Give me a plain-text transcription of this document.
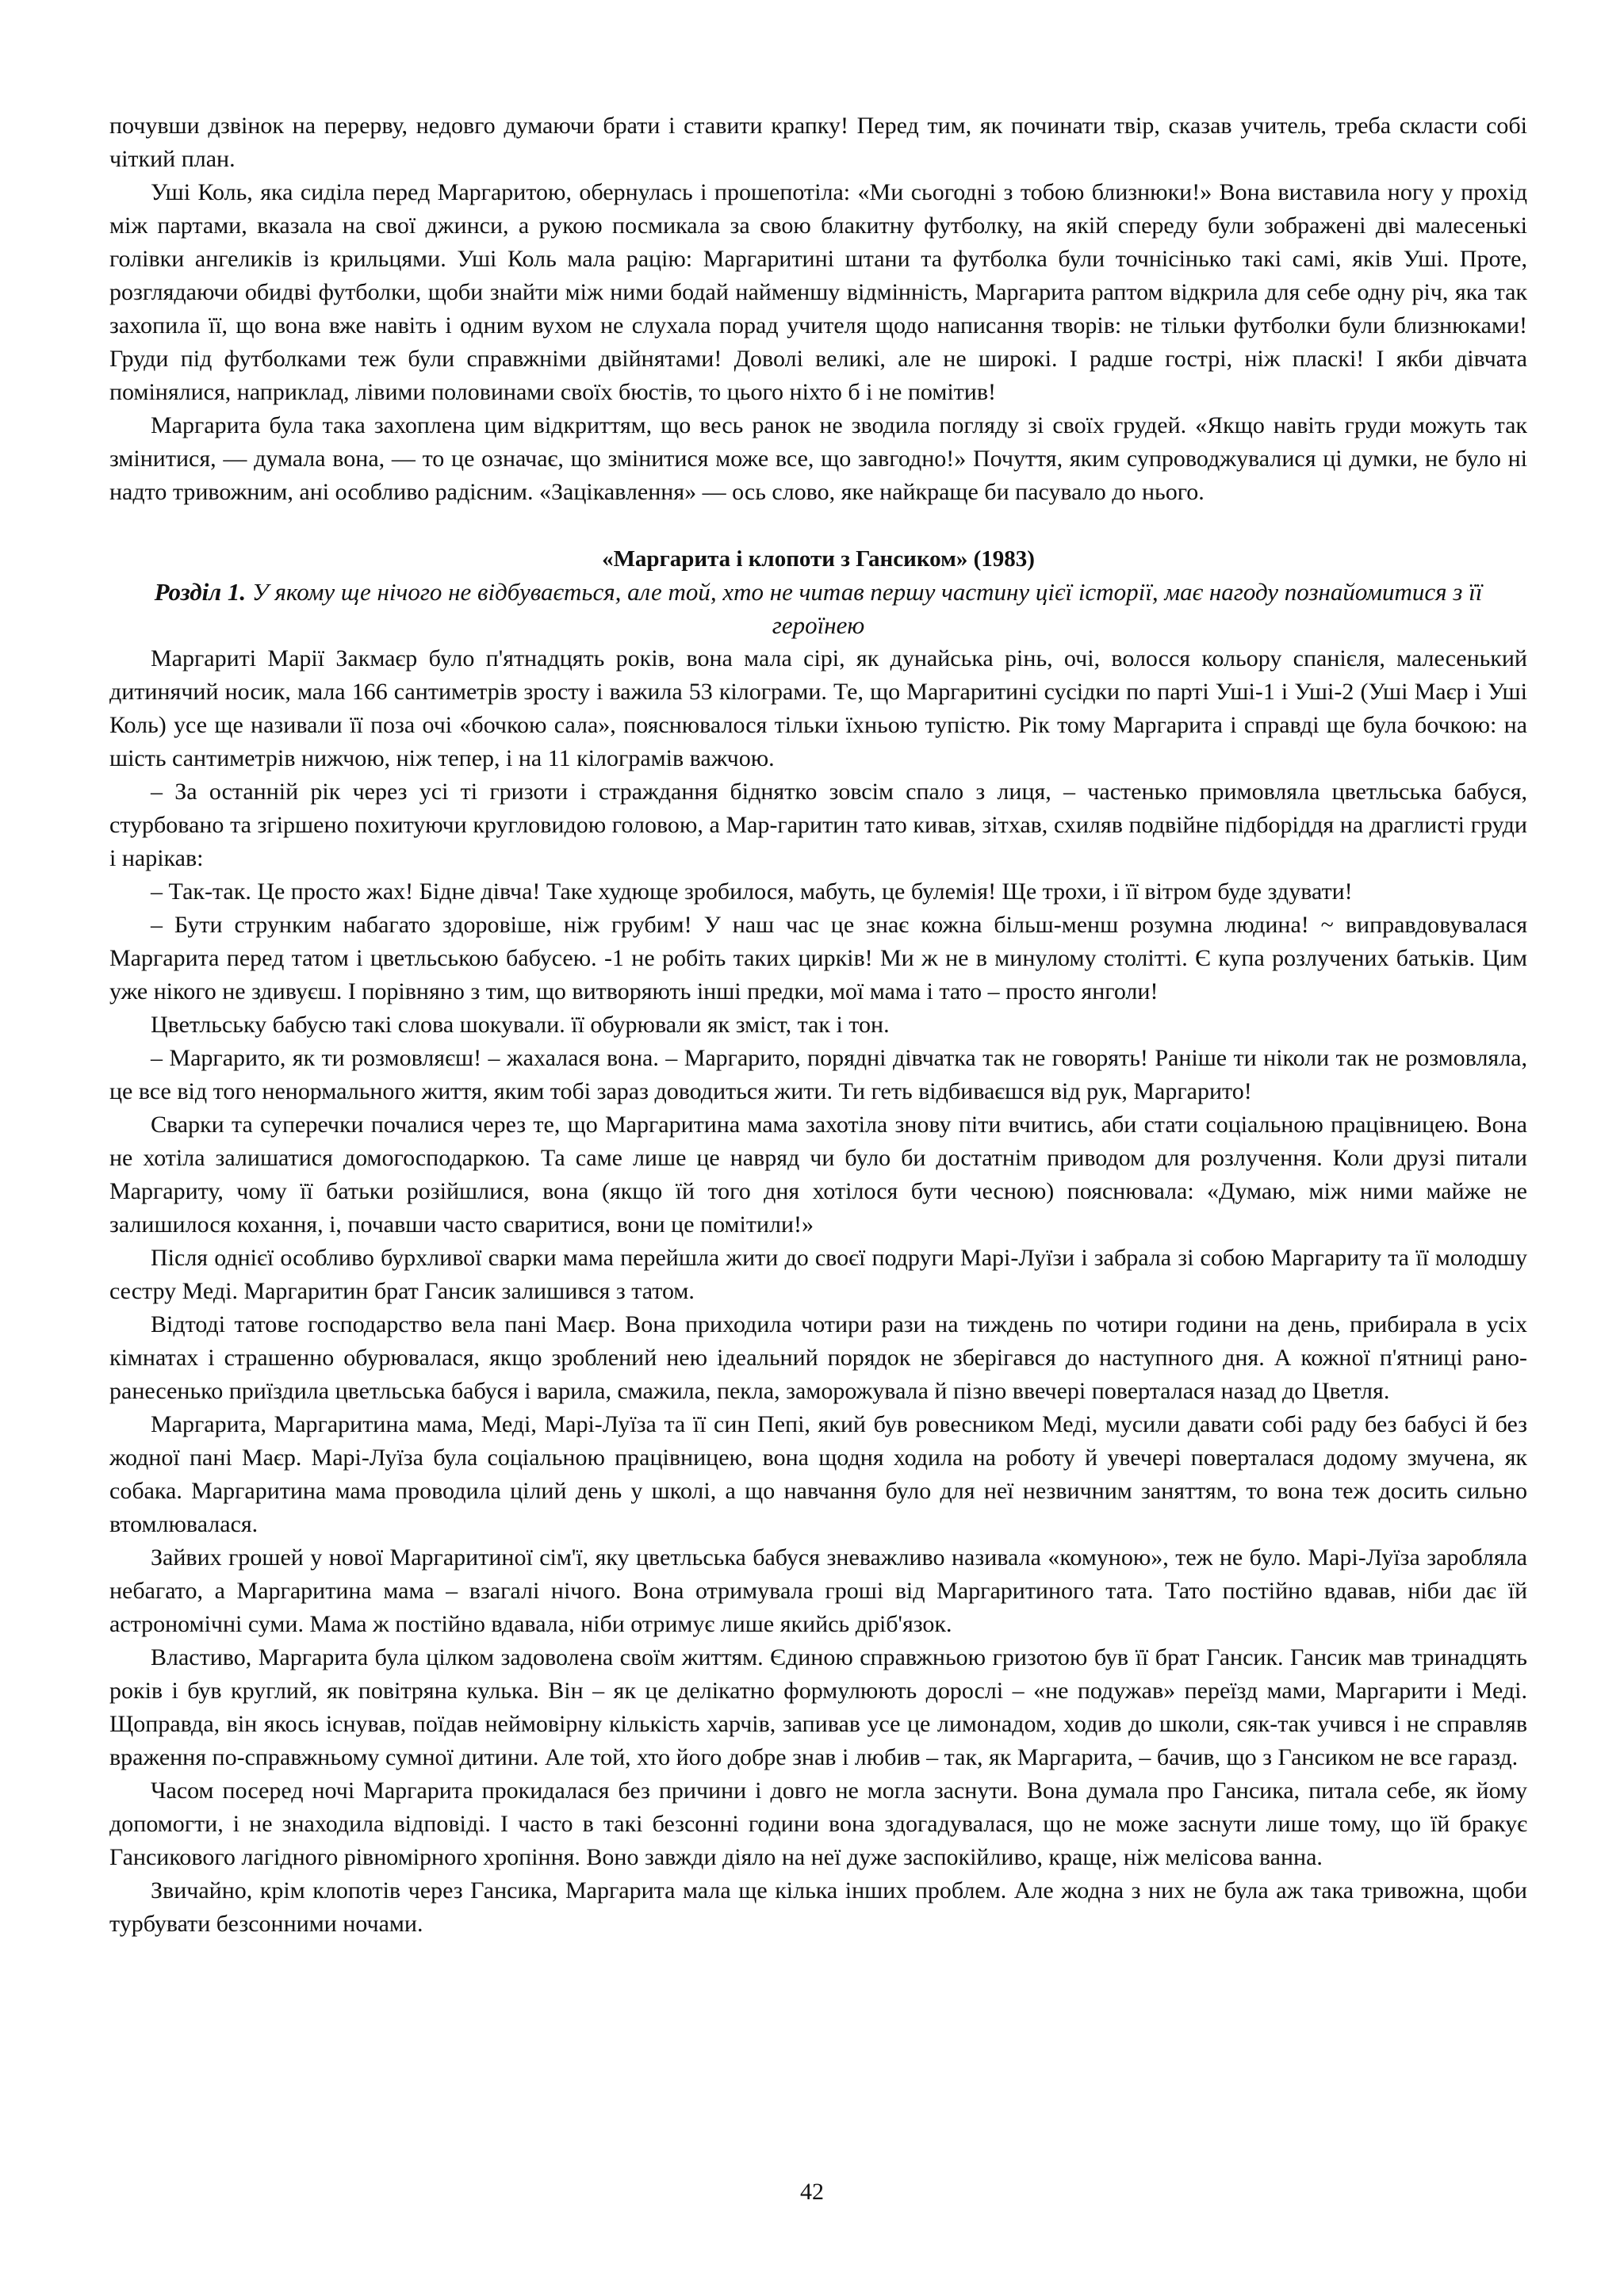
почувши дзвінок на перерву, недовго думаючи брати і ставити крапку! Перед тим, як починати твір, сказав учитель, треба скласти собі чіткий план.

Уші Коль, яка сиділа перед Маргаритою, обернулась і прошепотіла: «Ми сьогодні з тобою близнюки!» Вона виставила ногу у прохід між партами, вказала на свої джинси, а рукою посмикала за свою блакитну футболку, на якій спереду були зображені дві малесенькі голівки ангеликів із крильцями. Уші Коль мала рацію: Маргаритині штани та футболка були точнісінько такі самі, яків Уші. Проте, розглядаючи обидві футболки, щоби знайти між ними бодай найменшу відмінність, Маргарита раптом відкрила для себе одну річ, яка так захопила її, що вона вже навіть і одним вухом не слухала порад учителя щодо написання творів: не тільки футболки були близнюками! Груди під футболками теж були справжніми двійнятами! Доволі великі, але не широкі. І радше гострі, ніж пласкі! І якби дівчата помінялися, наприклад, лівими половинами своїх бюстів, то цього ніхто б і не помітив!

Маргарита була така захоплена цим відкриттям, що весь ранок не зводила погляду зі своїх грудей. «Якщо навіть груди можуть так змінитися, — думала вона, — то це означає, що змінитися може все, що завгодно!» Почуття, яким супроводжувалися ці думки, не було ні надто тривожним, ані особливо радісним. «Зацікавлення» — ось слово, яке найкраще би пасувало до нього.

«Маргарита і клопоти з Гансиком» (1983)
Розділ 1. У якому ще нічого не відбувається, але той, хто не читав першу частину цієї історії, має нагоду познайомитися з її героїнею

Маргариті Марії Закмаєр було п'ятнадцять років, вона мала сірі, як дунайська рінь, очі, волосся кольору спанієля, малесенький дитинячий носик, мала 166 сантиметрів зросту і важила 53 кілограми. Те, що Маргаритині сусідки по парті Уші-1 і Уші-2 (Уші Маєр і Уші Коль) усе ще називали її поза очі «бочкою сала», пояснювалося тільки їхньою тупістю. Рік тому Маргарита і справді ще була бочкою: на шість сантиметрів нижчою, ніж тепер, і на 11 кілограмів важчою.

– За останній рік через усі ті гризоти і страждання біднятко зовсім спало з лиця, – частенько примовляла цветльська бабуся, стурбовано та згіршено похитуючи кругловидою головою, а Мар-гаритин тато кивав, зітхав, схиляв подвійне підборіддя на драглисті груди і нарікав:

– Так-так. Це просто жах! Бідне дівча! Таке худюще зробилося, мабуть, це булемія! Ще трохи, і її вітром буде здувати!

– Бути струнким набагато здоровіше, ніж грубим! У наш час це знає кожна більш-менш розумна людина! ~ виправдовувалася Маргарита перед татом і цветльською бабусею. -1 не робіть таких цирків! Ми ж не в минулому столітті. Є купа розлучених батьків. Цим уже нікого не здивуєш. І порівняно з тим, що витворяють інші предки, мої мама і тато – просто янголи!

Цветльську бабусю такі слова шокували. її обурювали як зміст, так і тон.

– Маргарито, як ти розмовляєш! – жахалася вона. – Маргарито, порядні дівчатка так не говорять! Раніше ти ніколи так не розмовляла, це все від того ненормального життя, яким тобі зараз доводиться жити. Ти геть відбиваєшся від рук, Маргарито!

Сварки та суперечки почалися через те, що Маргаритина мама захотіла знову піти вчитись, аби стати соціальною працівницею. Вона не хотіла залишатися домогосподаркою. Та саме лише це навряд чи було би достатнім приводом для розлучення. Коли друзі питали Маргариту, чому її батьки розійшлися, вона (якщо їй того дня хотілося бути чесною) пояснювала: «Думаю, між ними майже не залишилося кохання, і, почавши часто сваритися, вони це помітили!»

Після однієї особливо бурхливої сварки мама перейшла жити до своєї подруги Марі-Луїзи і забрала зі собою Маргариту та її молодшу сестру Меді. Маргаритин брат Гансик залишився з татом.

Відтоді татове господарство вела пані Маєр. Вона приходила чотири рази на тиждень по чотири години на день, прибирала в усіх кімнатах і страшенно обурювалася, якщо зроблений нею ідеальний порядок не зберігався до наступного дня. А кожної п'ятниці рано-ранесенько приїздила цветльська бабуся і варила, смажила, пекла, заморожувала й пізно ввечері поверталася назад до Цветля.

Маргарита, Маргаритина мама, Меді, Марі-Луїза та її син Пепі, який був ровесником Меді, мусили давати собі раду без бабусі й без жодної пані Маєр. Марі-Луїза була соціальною працівницею, вона щодня ходила на роботу й увечері поверталася додому змучена, як собака. Маргаритина мама проводила цілий день у школі, а що навчання було для неї незвичним заняттям, то вона теж досить сильно втомлювалася.

Зайвих грошей у нової Маргаритиної сім'ї, яку цветльська бабуся зневажливо називала «комуною», теж не було. Марі-Луїза заробляла небагато, а Маргаритина мама – взагалі нічого. Вона отримувала гроші від Маргаритиного тата. Тато постійно вдавав, ніби дає їй астрономічні суми. Мама ж постійно вдавала, ніби отримує лише якийсь дріб'язок.

Властиво, Маргарита була цілком задоволена своїм життям. Єдиною справжньою гризотою був її брат Гансик. Гансик мав тринадцять років і був круглий, як повітряна кулька. Він – як це делікатно формулюють дорослі – «не подужав» переїзд мами, Маргарити і Меді. Щоправда, він якось існував, поїдав неймовірну кількість харчів, запивав усе це лимонадом, ходив до школи, сяк-так учився і не справляв враження по-справжньому сумної дитини. Але той, хто його добре знав і любив – так, як Маргарита, – бачив, що з Гансиком не все гаразд.

Часом посеред ночі Маргарита прокидалася без причини і довго не могла заснути. Вона думала про Гансика, питала себе, як йому допомогти, і не знаходила відповіді. І часто в такі безсонні години вона здогадувалася, що не може заснути лише тому, що їй бракує Гансикового лагідного рівномірного хропіння. Воно завжди діяло на неї дуже заспокійливо, краще, ніж мелісова ванна.

Звичайно, крім клопотів через Гансика, Маргарита мала ще кілька інших проблем. Але жодна з них не була аж така тривожна, щоби турбувати безсонними ночами.

42
